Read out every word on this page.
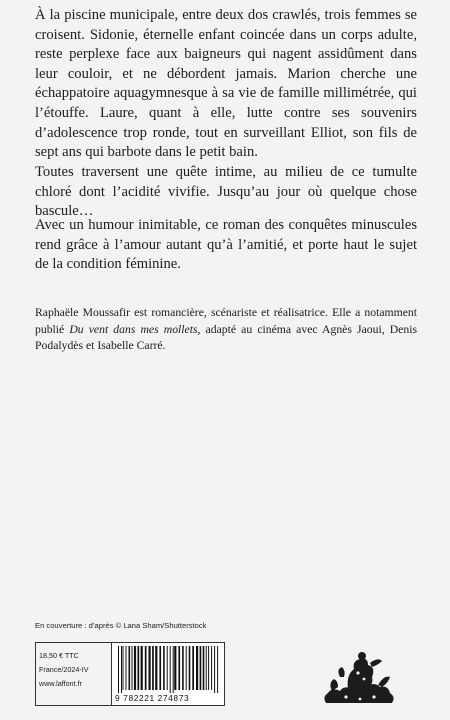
À la piscine municipale, entre deux dos crawlés, trois femmes se croisent. Sidonie, éternelle enfant coincée dans un corps adulte, reste perplexe face aux baigneurs qui nagent assidûment dans leur couloir, et ne débordent jamais. Marion cherche une échappatoire aquagymnesque à sa vie de famille millimétrée, qui l’étouffe. Laure, quant à elle, lutte contre ses souvenirs d’adolescence trop ronde, tout en surveillant Elliot, son fils de sept ans qui barbote dans le petit bain.

Toutes traversent une quête intime, au milieu de ce tumulte chloré dont l’acidité vivifie. Jusqu’au jour où quelque chose bascule…

Avec un humour inimitable, ce roman des conquêtes minuscules rend grâce à l’amour autant qu’à l’amitié, et porte haut le sujet de la condition féminine.

Raphaële Moussafir est romancière, scénariste et réalisatrice. Elle a notamment publié Du vent dans mes mollets, adapté au cinéma avec Agnès Jaoui, Denis Podalydès et Isabelle Carré.

En couverture : d’après © Lana Sham/Shutterstock

18,50 € TTC
France/2024-IV
www.laffont.fr
9 782221 274873
